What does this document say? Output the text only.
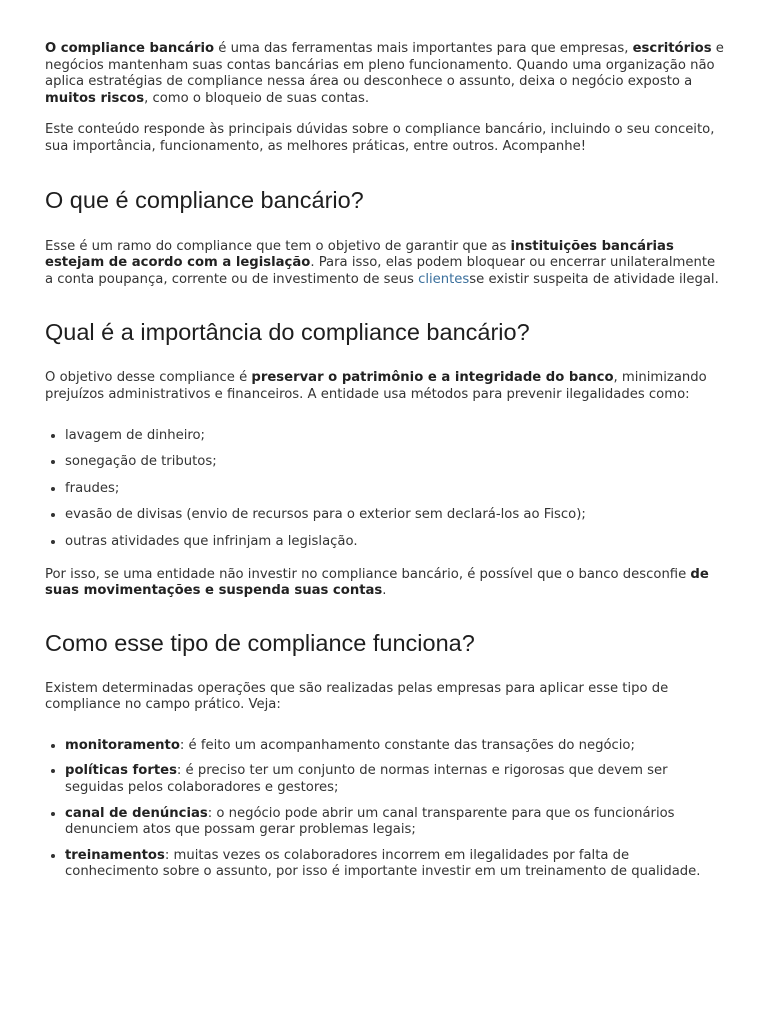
O compliance bancário é uma das ferramentas mais importantes para que empresas, escritórios e negócios mantenham suas contas bancárias em pleno funcionamento. Quando uma organização não aplica estratégias de compliance nessa área ou desconhece o assunto, deixa o negócio exposto a muitos riscos, como o bloqueio de suas contas.

Este conteúdo responde às principais dúvidas sobre o compliance bancário, incluindo o seu conceito, sua importância, funcionamento, as melhores práticas, entre outros. Acompanhe!

O que é compliance bancário?

Esse é um ramo do compliance que tem o objetivo de garantir que as instituições bancárias estejam de acordo com a legislação. Para isso, elas podem bloquear ou encerrar unilateralmente a conta poupança, corrente ou de investimento de seus clientesse existir suspeita de atividade ilegal.

Qual é a importância do compliance bancário?

O objetivo desse compliance é preservar o patrimônio e a integridade do banco, minimizando prejuízos administrativos e financeiros. A entidade usa métodos para prevenir ilegalidades como:

• lavagem de dinheiro;
• sonegação de tributos;
• fraudes;
• evasão de divisas (envio de recursos para o exterior sem declará-los ao Fisco);
• outras atividades que infrinjam a legislação.

Por isso, se uma entidade não investir no compliance bancário, é possível que o banco desconfie de suas movimentações e suspenda suas contas.

Como esse tipo de compliance funciona?

Existem determinadas operações que são realizadas pelas empresas para aplicar esse tipo de compliance no campo prático. Veja:

• monitoramento: é feito um acompanhamento constante das transações do negócio;
• políticas fortes: é preciso ter um conjunto de normas internas e rigorosas que devem ser seguidas pelos colaboradores e gestores;
• canal de denúncias: o negócio pode abrir um canal transparente para que os funcionários denunciem atos que possam gerar problemas legais;
• treinamentos: muitas vezes os colaboradores incorrem em ilegalidades por falta de conhecimento sobre o assunto, por isso é importante investir em um treinamento de qualidade.
